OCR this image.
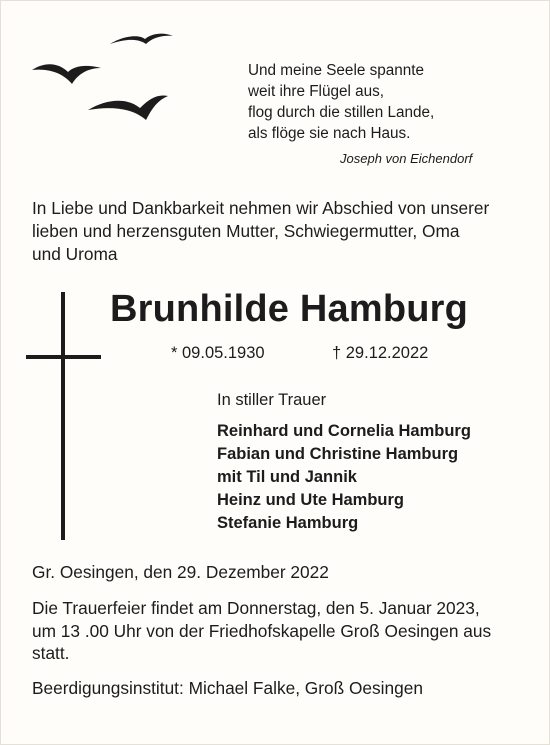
Und meine Seele spannte
weit ihre Flügel aus,
flog durch die stillen Lande,
als flöge sie nach Haus.
Joseph von Eichendorf
In Liebe und Dankbarkeit nehmen wir Abschied von unserer
lieben und herzensguten Mutter, Schwiegermutter, Oma
und Uroma
Brunhilde Hamburg
* 09.05.1930	† 29.12.2022
In stiller Trauer
Reinhard und Cornelia Hamburg
Fabian und Christine Hamburg
mit Til und Jannik
Heinz und Ute Hamburg
Stefanie Hamburg
Gr. Oesingen, den 29. Dezember 2022
Die Trauerfeier findet am Donnerstag, den 5. Januar 2023,
um 13 .00 Uhr von der Friedhofskapelle Groß Oesingen aus
statt.
Beerdigungsinstitut: Michael Falke, Groß Oesingen
